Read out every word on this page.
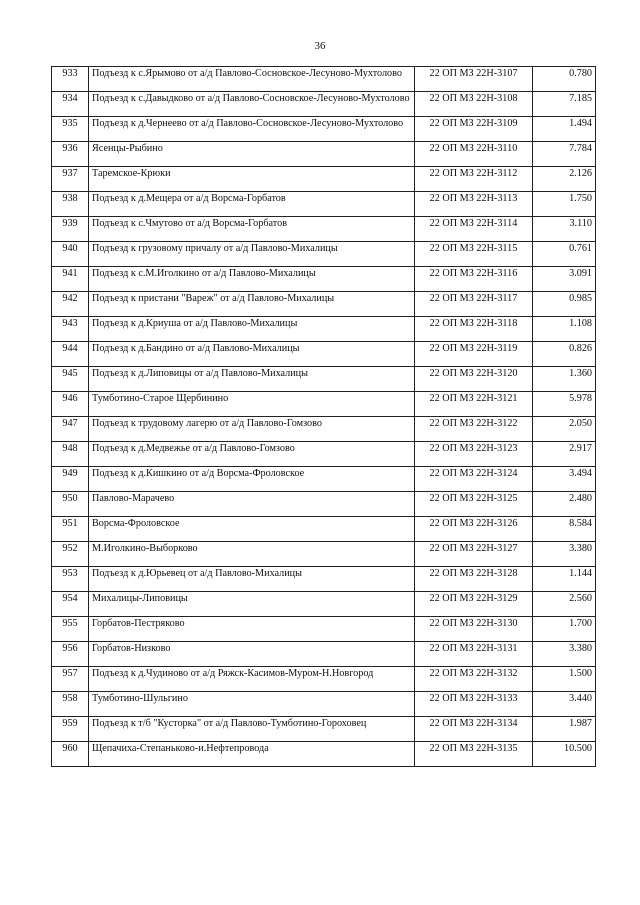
36
933	Подъезд к с.Ярымово от а/д Павлово-Сосновское-Лесуново-Мухтолово	22 ОП МЗ 22Н-3107	0.780
934	Подъезд к с.Давыдково от а/д Павлово-Сосновское-Лесуново-Мухтолово	22 ОП МЗ 22Н-3108	7.185
935	Подъезд к д.Чернеево от а/д Павлово-Сосновское-Лесуново-Мухтолово	22 ОП МЗ 22Н-3109	1.494
936	Ясенцы-Рыбино	22 ОП МЗ 22Н-3110	7.784
937	Таремское-Крюки	22 ОП МЗ 22Н-3112	2.126
938	Подъезд к д.Мещера от а/д Ворсма-Горбатов	22 ОП МЗ 22Н-3113	1.750
939	Подъезд к с.Чмутово от а/д Ворсма-Горбатов	22 ОП МЗ 22Н-3114	3.110
940	Подъезд к грузовому причалу от а/д Павлово-Михалицы	22 ОП МЗ 22Н-3115	0.761
941	Подъезд к с.М.Иголкино от а/д Павлово-Михалицы	22 ОП МЗ 22Н-3116	3.091
942	Подъезд к пристани "Вареж" от а/д Павлово-Михалицы	22 ОП МЗ 22Н-3117	0.985
943	Подъезд к д.Криуша от а/д Павлово-Михалицы	22 ОП МЗ 22Н-3118	1.108
944	Подъезд к д.Бандино от а/д Павлово-Михалицы	22 ОП МЗ 22Н-3119	0.826
945	Подъезд к д.Липовицы от а/д Павлово-Михалицы	22 ОП МЗ 22Н-3120	1.360
946	Тумботино-Старое Щербинино	22 ОП МЗ 22Н-3121	5.978
947	Подъезд к трудовому лагерю от а/д Павлово-Гомзово	22 ОП МЗ 22Н-3122	2.050
948	Подъезд к д.Медвежье от а/д Павлово-Гомзово	22 ОП МЗ 22Н-3123	2.917
949	Подъезд к д.Кишкино от а/д Ворсма-Фроловское	22 ОП МЗ 22Н-3124	3.494
950	Павлово-Марачево	22 ОП МЗ 22Н-3125	2.480
951	Ворсма-Фроловское	22 ОП МЗ 22Н-3126	8.584
952	М.Иголкино-Выборково	22 ОП МЗ 22Н-3127	3.380
953	Подъезд к д.Юрьевец от а/д Павлово-Михалицы	22 ОП МЗ 22Н-3128	1.144
954	Михалицы-Липовицы	22 ОП МЗ 22Н-3129	2.560
955	Горбатов-Пестряково	22 ОП МЗ 22Н-3130	1.700
956	Горбатов-Низково	22 ОП МЗ 22Н-3131	3.380
957	Подъезд к д.Чудиново от а/д Ряжск-Касимов-Муром-Н.Новгород	22 ОП МЗ 22Н-3132	1.500
958	Тумботино-Шульгино	22 ОП МЗ 22Н-3133	3.440
959	Подъезд к т/б "Кусторка" от а/д Павлово-Тумботино-Гороховец	22 ОП МЗ 22Н-3134	1.987
960	Щепачиха-Степаньково-и.Нефтепровода	22 ОП МЗ 22Н-3135	10.500
